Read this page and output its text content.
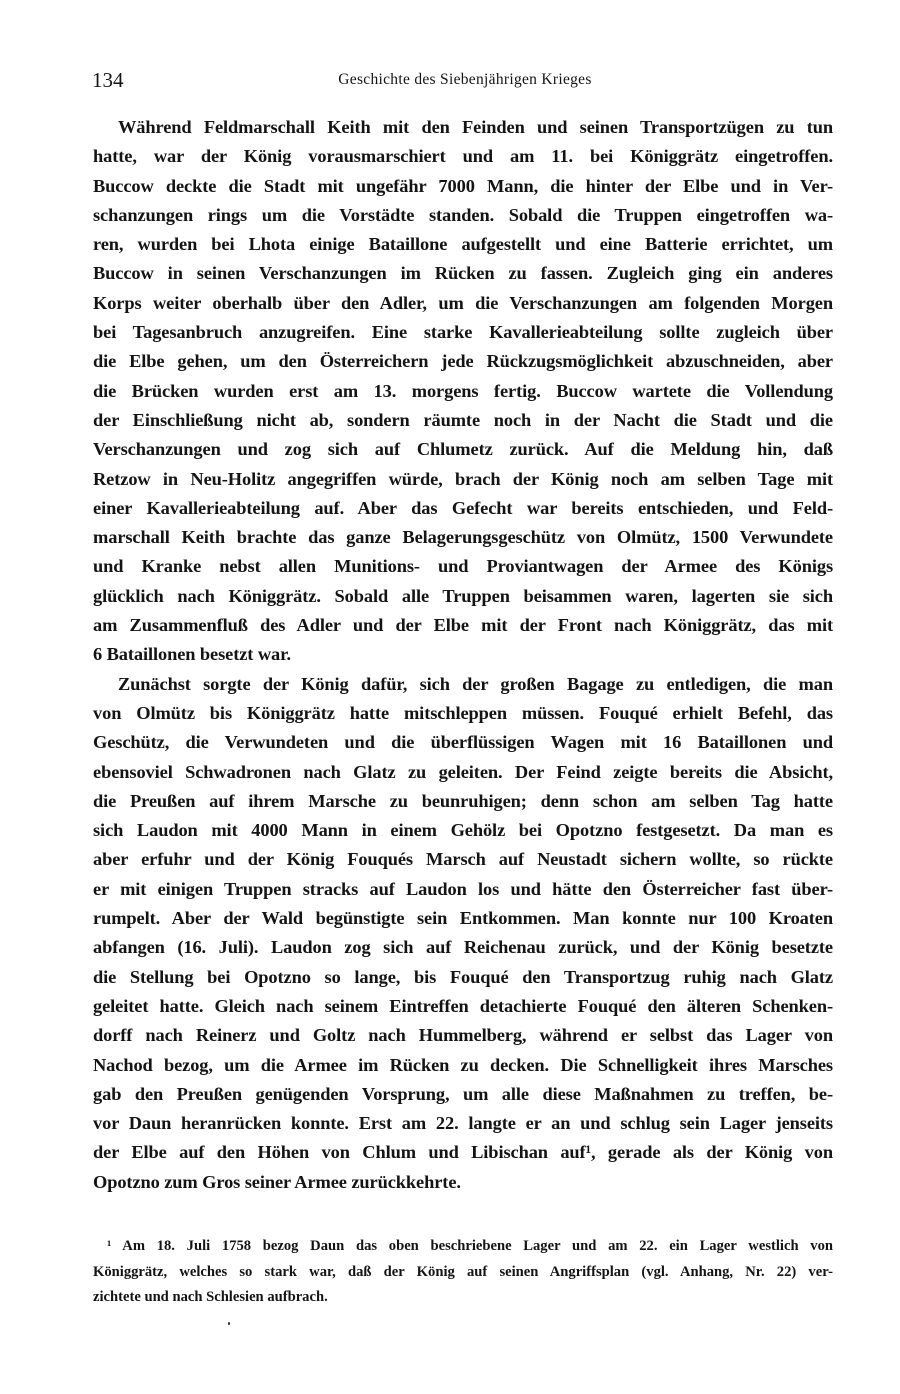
134	Geschichte des Siebenjährigen Krieges
Während Feldmarschall Keith mit den Feinden und seinen Transportzügen zu tun
hatte, war der König vorausmarschiert und am 11. bei Königgrätz eingetroffen.
Buccow deckte die Stadt mit ungefähr 7000 Mann, die hinter der Elbe und in Ver-
schanzungen rings um die Vorstädte standen. Sobald die Truppen eingetroffen wa-
ren, wurden bei Lhota einige Bataillone aufgestellt und eine Batterie errichtet, um
Buccow in seinen Verschanzungen im Rücken zu fassen. Zugleich ging ein anderes
Korps weiter oberhalb über den Adler, um die Verschanzungen am folgenden Morgen
bei Tagesanbruch anzugreifen. Eine starke Kavallerieabteilung sollte zugleich über
die Elbe gehen, um den Österreichern jede Rückzugsmöglichkeit abzuschneiden, aber
die Brücken wurden erst am 13. morgens fertig. Buccow wartete die Vollendung
der Einschließung nicht ab, sondern räumte noch in der Nacht die Stadt und die
Verschanzungen und zog sich auf Chlumetz zurück. Auf die Meldung hin, daß
Retzow in Neu-Holitz angegriffen würde, brach der König noch am selben Tage mit
einer Kavallerieabteilung auf. Aber das Gefecht war bereits entschieden, und Feld-
marschall Keith brachte das ganze Belagerungsgeschütz von Olmütz, 1500 Verwundete
und Kranke nebst allen Munitions- und Proviantwagen der Armee des Königs
glücklich nach Königgrätz. Sobald alle Truppen beisammen waren, lagerten sie sich
am Zusammenfluß des Adler und der Elbe mit der Front nach Königgrätz, das mit
6 Bataillonen besetzt war.
Zunächst sorgte der König dafür, sich der großen Bagage zu entledigen, die man
von Olmütz bis Königgrätz hatte mitschleppen müssen. Fouqué erhielt Befehl, das
Geschütz, die Verwundeten und die überflüssigen Wagen mit 16 Bataillonen und
ebensoviel Schwadronen nach Glatz zu geleiten. Der Feind zeigte bereits die Absicht,
die Preußen auf ihrem Marsche zu beunruhigen; denn schon am selben Tag hatte
sich Laudon mit 4000 Mann in einem Gehölz bei Opotzno festgesetzt. Da man es
aber erfuhr und der König Fouqués Marsch auf Neustadt sichern wollte, so rückte
er mit einigen Truppen stracks auf Laudon los und hätte den Österreicher fast über-
rumpelt. Aber der Wald begünstigte sein Entkommen. Man konnte nur 100 Kroaten
abfangen (16. Juli). Laudon zog sich auf Reichenau zurück, und der König besetzte
die Stellung bei Opotzno so lange, bis Fouqué den Transportzug ruhig nach Glatz
geleitet hatte. Gleich nach seinem Eintreffen detachierte Fouqué den älteren Schenken-
dorff nach Reinerz und Goltz nach Hummelberg, während er selbst das Lager von
Nachod bezog, um die Armee im Rücken zu decken. Die Schnelligkeit ihres Marsches
gab den Preußen genügenden Vorsprung, um alle diese Maßnahmen zu treffen, be-
vor Daun heranrücken konnte. Erst am 22. langte er an und schlug sein Lager jenseits
der Elbe auf den Höhen von Chlum und Libischan auf¹, gerade als der König von
Opotzno zum Gros seiner Armee zurückkehrte.
¹ Am 18. Juli 1758 bezog Daun das oben beschriebene Lager und am 22. ein Lager westlich von
Königgrätz, welches so stark war, daß der König auf seinen Angriffsplan (vgl. Anhang, Nr. 22) ver-
zichtete und nach Schlesien aufbrach.
